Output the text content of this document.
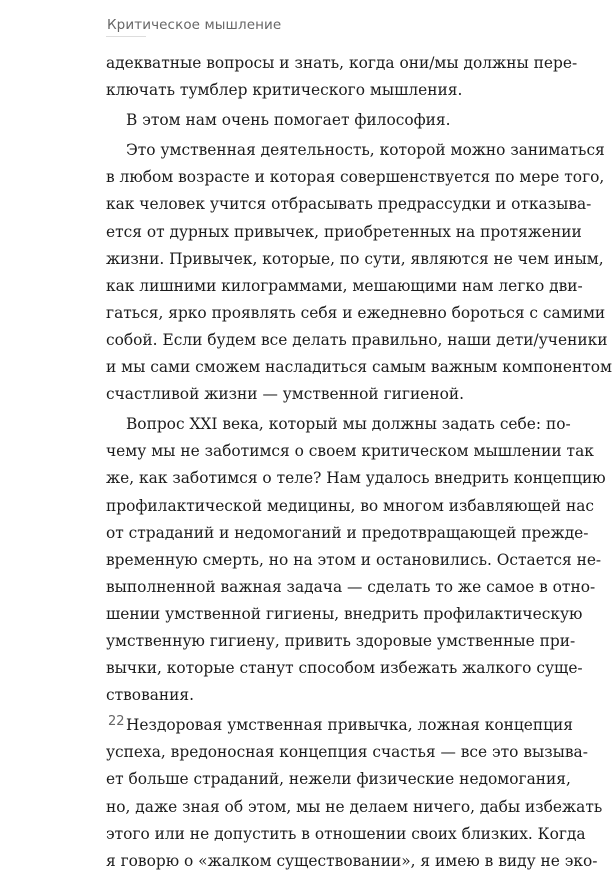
Критическое мышление
адекватные вопросы и знать, когда они/мы должны пере-
ключать тумблер критического мышления.
В этом нам очень помогает философия.
Это умственная деятельность, которой можно заниматься
в любом возрасте и которая совершенствуется по мере того,
как человек учится отбрасывать предрассудки и отказыва-
ется от дурных привычек, приобретенных на протяжении
жизни. Привычек, которые, по сути, являются не чем иным,
как лишними килограммами, мешающими нам легко дви-
гаться, ярко проявлять себя и ежедневно бороться с самими
собой. Если будем все делать правильно, наши дети/ученики
и мы сами сможем насладиться самым важным компонентом
счастливой жизни — умственной гигиеной.
Вопрос XXI века, который мы должны задать себе: по-
чему мы не заботимся о своем критическом мышлении так
же, как заботимся о теле? Нам удалось внедрить концепцию
профилактической медицины, во многом избавляющей нас
от страданий и недомоганий и предотвращающей прежде-
временную смерть, но на этом и остановились. Остается не-
выполненной важная задача — сделать то же самое в отно-
шении умственной гигиены, внедрить профилактическую
умственную гигиену, привить здоровые умственные при-
вычки, которые станут способом избежать жалкого суще-
ствования.
Нездоровая умственная привычка, ложная концепция
успеха, вредоносная концепция счастья — все это вызыва-
ет больше страданий, нежели физические недомогания,
но, даже зная об этом, мы не делаем ничего, дабы избежать
этого или не допустить в отношении своих близких. Когда
я говорю о «жалком существовании», я имею в виду не эко-
22
